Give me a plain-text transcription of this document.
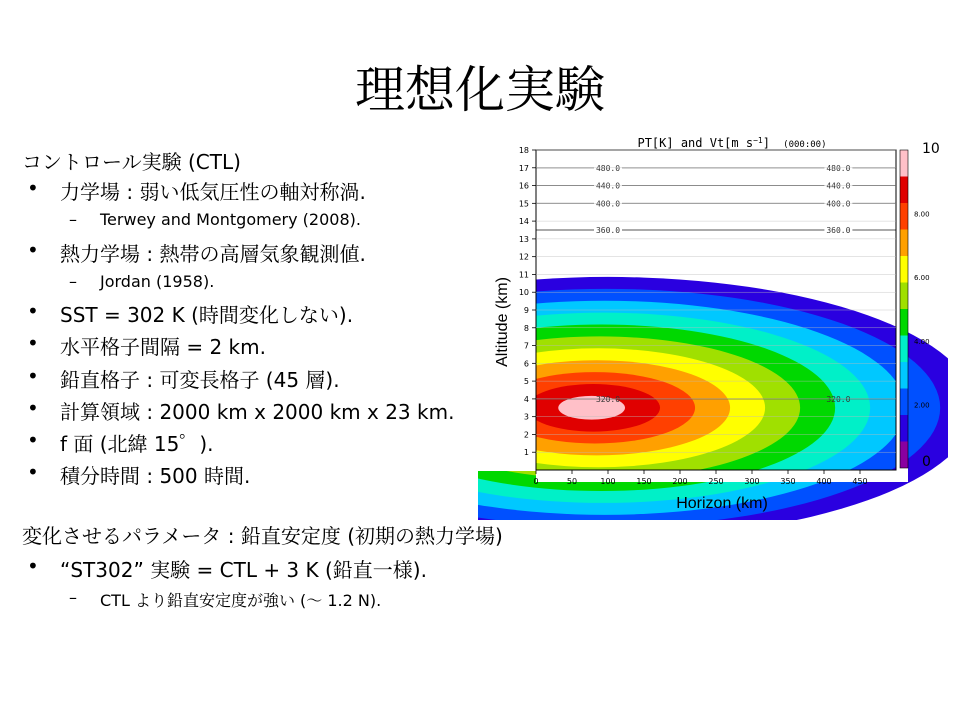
理想化実験
コントロール実験 (CTL)
• 力学場 : 弱い低気圧性の軸対称渦.
– Terwey and Montgomery (2008).
• 熱力学場 : 熱帯の高層気象観測値.
– Jordan (1958).
• SST = 302 K (時間変化しない).
• 水平格子間隔 = 2 km.
• 鉛直格子 : 可変長格子 (45 層).
• 計算領域 : 2000 km x 2000 km x 23 km.
• f 面 (北緯 15゜).
• 積分時間 : 500 時間.
変化させるパラメータ : 鉛直安定度 (初期の熱力学場)
• “ST302” 実験 = CTL + 3 K (鉛直一様).
– CTL より鉛直安定度が強い (〜 1.2 N).
PT[K] and Vt[m $s^{-1}$] (000:00)
480.0	480.0
440.0	440.0
400.0	400.0
360.0	360.0
320.0	320.0
1
2
3
4
5
6
7
8
9
10
11
12
13
14
15
16
17
18
0	50	100	150	200	250	300	350	400	450
0
2.00
4.00
6.00
8.00
10
Altitude (km)
Horizon (km)
